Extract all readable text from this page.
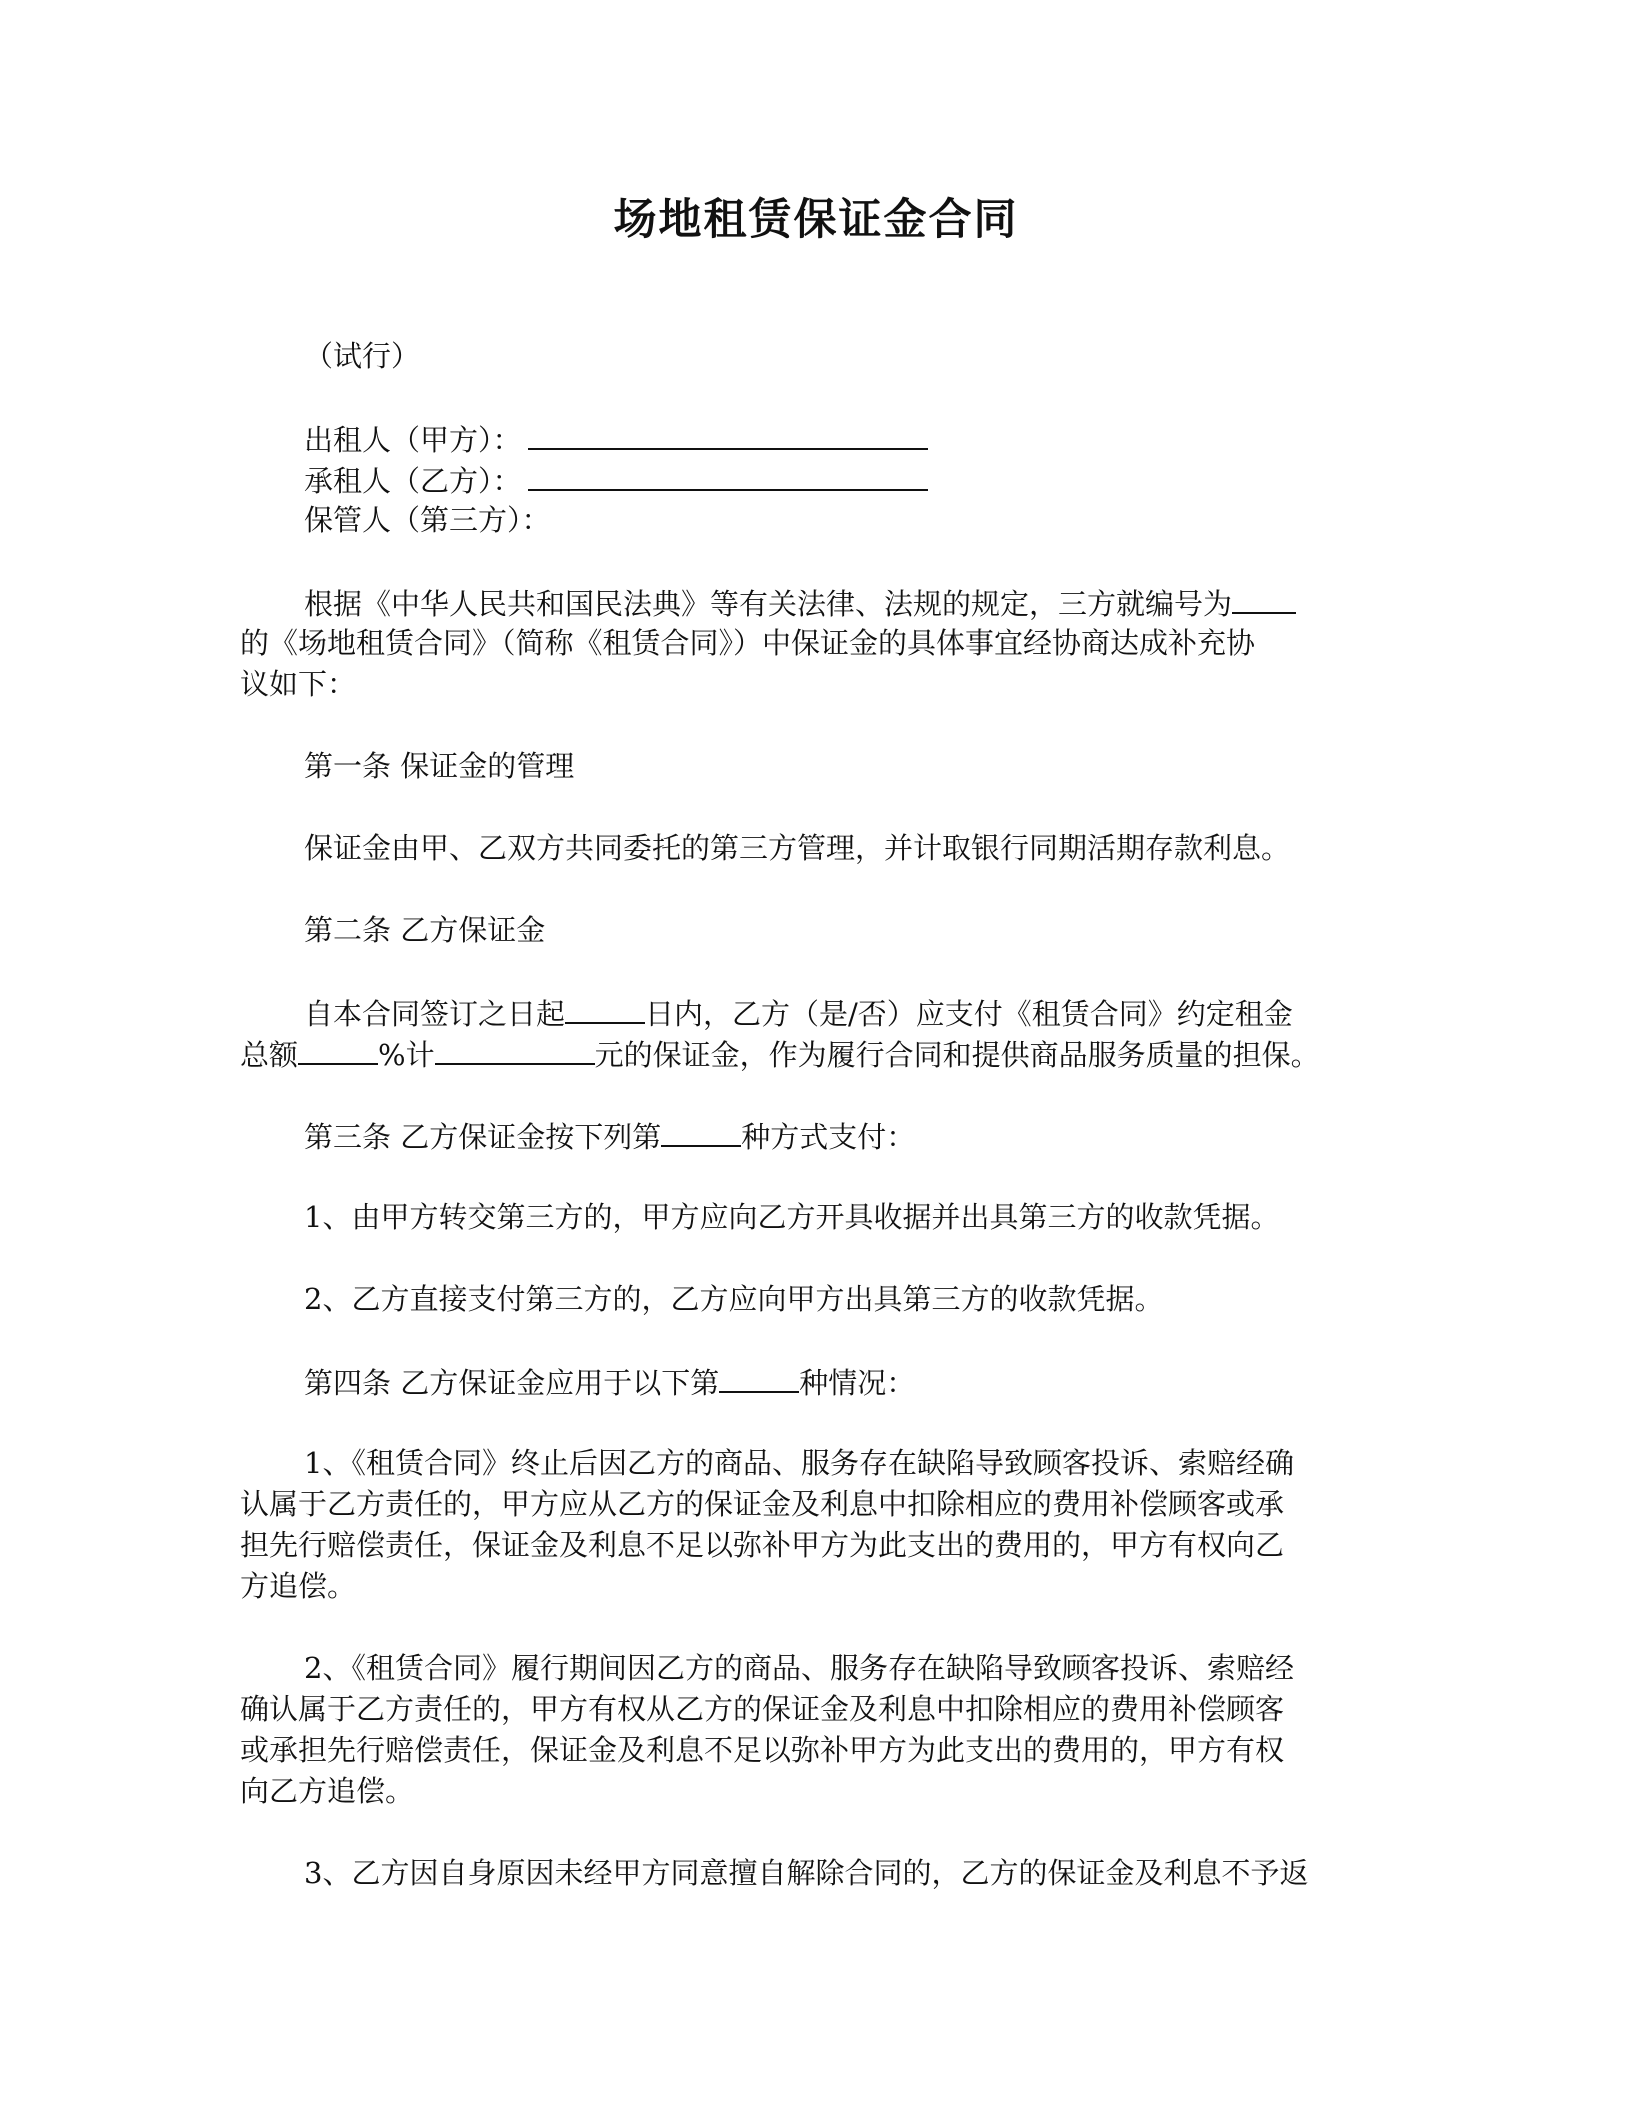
场地租赁保证金合同
（试行）
出租人（甲方）：
承租人（乙方）：
保管人（第三方）：
根据《中华人民共和国民法典》等有关法律、法规的规定，三方就编号为
的《场地租赁合同》（简称《租赁合同》）中保证金的具体事宜经协商达成补充协
议如下：
第一条 保证金的管理
保证金由甲、乙双方共同委托的第三方管理，并计取银行同期活期存款利息。
第二条 乙方保证金
自本合同签订之日起	日内，乙方（是/否）应支付《租赁合同》约定租金
总额	%计	元的保证金，作为履行合同和提供商品服务质量的担保。
第三条 乙方保证金按下列第	种方式支付：
1、由甲方转交第三方的，甲方应向乙方开具收据并出具第三方的收款凭据。
2、乙方直接支付第三方的，乙方应向甲方出具第三方的收款凭据。
第四条 乙方保证金应用于以下第	种情况：
1、《租赁合同》终止后因乙方的商品、服务存在缺陷导致顾客投诉、索赔经确
认属于乙方责任的，甲方应从乙方的保证金及利息中扣除相应的费用补偿顾客或承
担先行赔偿责任，保证金及利息不足以弥补甲方为此支出的费用的，甲方有权向乙
方追偿。
2、《租赁合同》履行期间因乙方的商品、服务存在缺陷导致顾客投诉、索赔经
确认属于乙方责任的，甲方有权从乙方的保证金及利息中扣除相应的费用补偿顾客
或承担先行赔偿责任，保证金及利息不足以弥补甲方为此支出的费用的，甲方有权
向乙方追偿。
3、乙方因自身原因未经甲方同意擅自解除合同的，乙方的保证金及利息不予返
